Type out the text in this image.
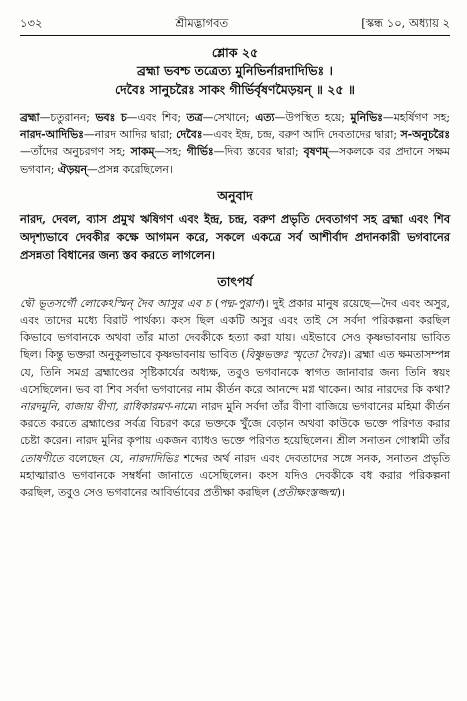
১৩২	শ্রীমদ্ভাগবত	[স্কন্ধ ১০, অধ্যায় ২
শ্লোক ২৫
ব্রহ্মা ভবশ্চ তত্রেত্য মুনিভির্নারদাদিভিঃ ।
দেবৈঃ সানুচরৈঃ সাকং গীর্ভির্বৃষণমৈড়য়ন্ ॥ ২৫ ॥
ব্রহ্মা—চতুরানন; ভবঃ চ—এবং শিব; তত্র—সেখানে; এত্য—উপস্থিত হয়ে; মুনিভিঃ—মহর্ষিগণ সহ; নারদ-আদিভিঃ—নারদ আদির দ্বারা; দেবৈঃ—এবং ইন্দ্র, চন্দ্র, বরুণ আদি দেবতাদের দ্বারা; স-অনুচরৈঃ—তাঁদের অনুচরগণ সহ; সাকম্—সহ; গীর্ভিঃ—দিব্য স্তবের দ্বারা; বৃষণম্—সকলকে বর প্রদানে সক্ষম ভগবান; ঐড়য়ন্—প্রসন্ন করেছিলেন।
অনুবাদ
নারদ, দেবল, ব্যাস প্রমুখ ঋষিগণ এবং ইন্দ্র, চন্দ্র, বরুণ প্রভৃতি দেবতাগণ সহ ব্রহ্মা এবং শিব অদৃশ্যভাবে দেবকীর কক্ষে আগমন করে, সকলে একত্রে সর্ব আশীর্বাদ প্রদানকারী ভগবানের প্রসন্নতা বিধানের জন্য স্তব করতে লাগলেন।
তাৎপর্য
দ্বৌ ভূতসর্গৌ লোকেঽস্মিন্ দৈব আসুর এব চ (পদ্ম-পুরাণ)। দুই প্রকার মানুষ রয়েছে—দৈব এবং অসুর, এবং তাদের মধ্যে বিরাট পার্থক্য। কংস ছিল একটি অসুর এবং তাই সে সর্বদা পরিকল্পনা করছিল কিভাবে ভগবানকে অথবা তাঁর মাতা দেবকীকে হত্যা করা যায়। এইভাবে সেও কৃষ্ণভাবনায় ভাবিত ছিল। কিন্তু ভক্তরা অনুকূলভাবে কৃষ্ণভাবনায় ভাবিত (বিষ্ণুভক্তঃ স্মৃতো দৈবঃ)। ব্রহ্মা এত ক্ষমতাসম্পন্ন যে, তিনি সমগ্র ব্রহ্মাণ্ডের সৃষ্টিকার্যের অধ্যক্ষ, তবুও ভগবানকে স্বাগত জানাবার জন্য তিনি স্বয়ং এসেছিলেন। ভব বা শিব সর্বদা ভগবানের নাম কীর্তন করে আনন্দে মগ্ন থাকেন। আর নারদের কি কথা? নারদমুনি, বাজায় বীণা, রাধিকারমণ-নামে। নারদ মুনি সর্বদা তাঁর বীণা বাজিয়ে ভগবানের মহিমা কীর্তন করতে করতে ব্রহ্মাণ্ডের সর্বত্র বিচরণ করে ভক্তকে খুঁজে বেড়ান অথবা কাউকে ভক্তে পরিণত করার চেষ্টা করেন। নারদ মুনির কৃপায় একজন ব্যাধও ভক্তে পরিণত হয়েছিলেন। শ্রীল সনাতন গোস্বামী তাঁর তোষণীতে বলেছেন যে, নারদাদিভিঃ শব্দের অর্থ নারদ এবং দেবতাদের সঙ্গে সনক, সনাতন প্রভৃতি মহাত্মারাও ভগবানকে সম্বর্ধনা জানাতে এসেছিলেন। কংস যদিও দেবকীকে বধ করার পরিকল্পনা করছিল, তবুও সেও ভগবানের আবির্ভাবের প্রতীক্ষা করছিল (প্রতীক্ষংস্তজ্জন্ম)।
